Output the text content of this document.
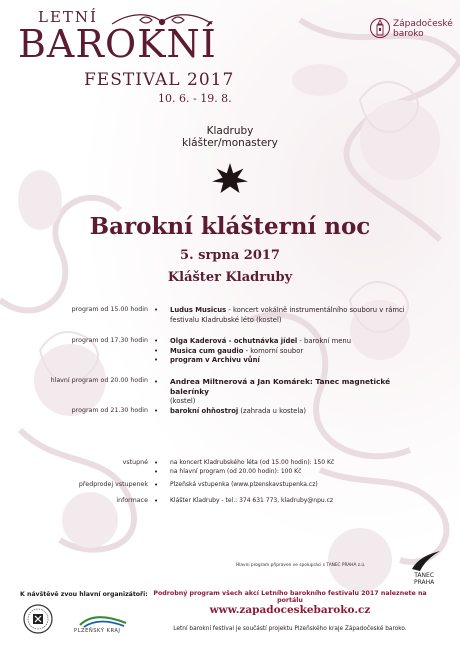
LETNÍ
BAROKNÍ
FESTIVAL 2017
10. 6. - 19. 8.
Západočeské
baroko
Kladruby
klášter/monastery
Barokní klášterní noc
5. srpna 2017
Klášter Kladruby
program od 15.00 hodin	• Ludus Musicus - koncert vokálně instrumentálního souboru v rámci
festivalu Kladrubské léto (kostel)
program od 17.30 hodin	• Olga Kaderová - ochutnávka jídel - barokní menu
• Musica cum gaudio - komorní soubor
• program v Archivu vůní
hlavní program od 20.00 hodin	• Andrea Miltnerová a Jan Komárek: Tanec magnetické balerínky
(kostel)
program od 21.30 hodin	• barokní ohňostroj (zahrada u kostela)
vstupné	• na koncert Kladrubského léta (od 15.00 hodin): 150 Kč
• na hlavní program (od 20.00 hodin): 100 Kč
předprodej vstupenek	• Plzeňská vstupenka (www.plzenskavstupenka.cz)
informace	• Klášter Kladruby - tel.: 374 631 773, kladruby@npu.cz
Hlavní program připraven ve spolupráci s TANEC PRAHA z.ú.
TANEC
PRAHA
K návštěvě zvou hlavní organizátoři:
PLZEŇSKÝ KRAJ
Podrobný program všech akcí Letního barokního festivalu 2017 naleznete na portálu
www.zapadoceskebaroko.cz
Letní barokní festival je součástí projektu Plzeňského kraje Západočeské baroko.
